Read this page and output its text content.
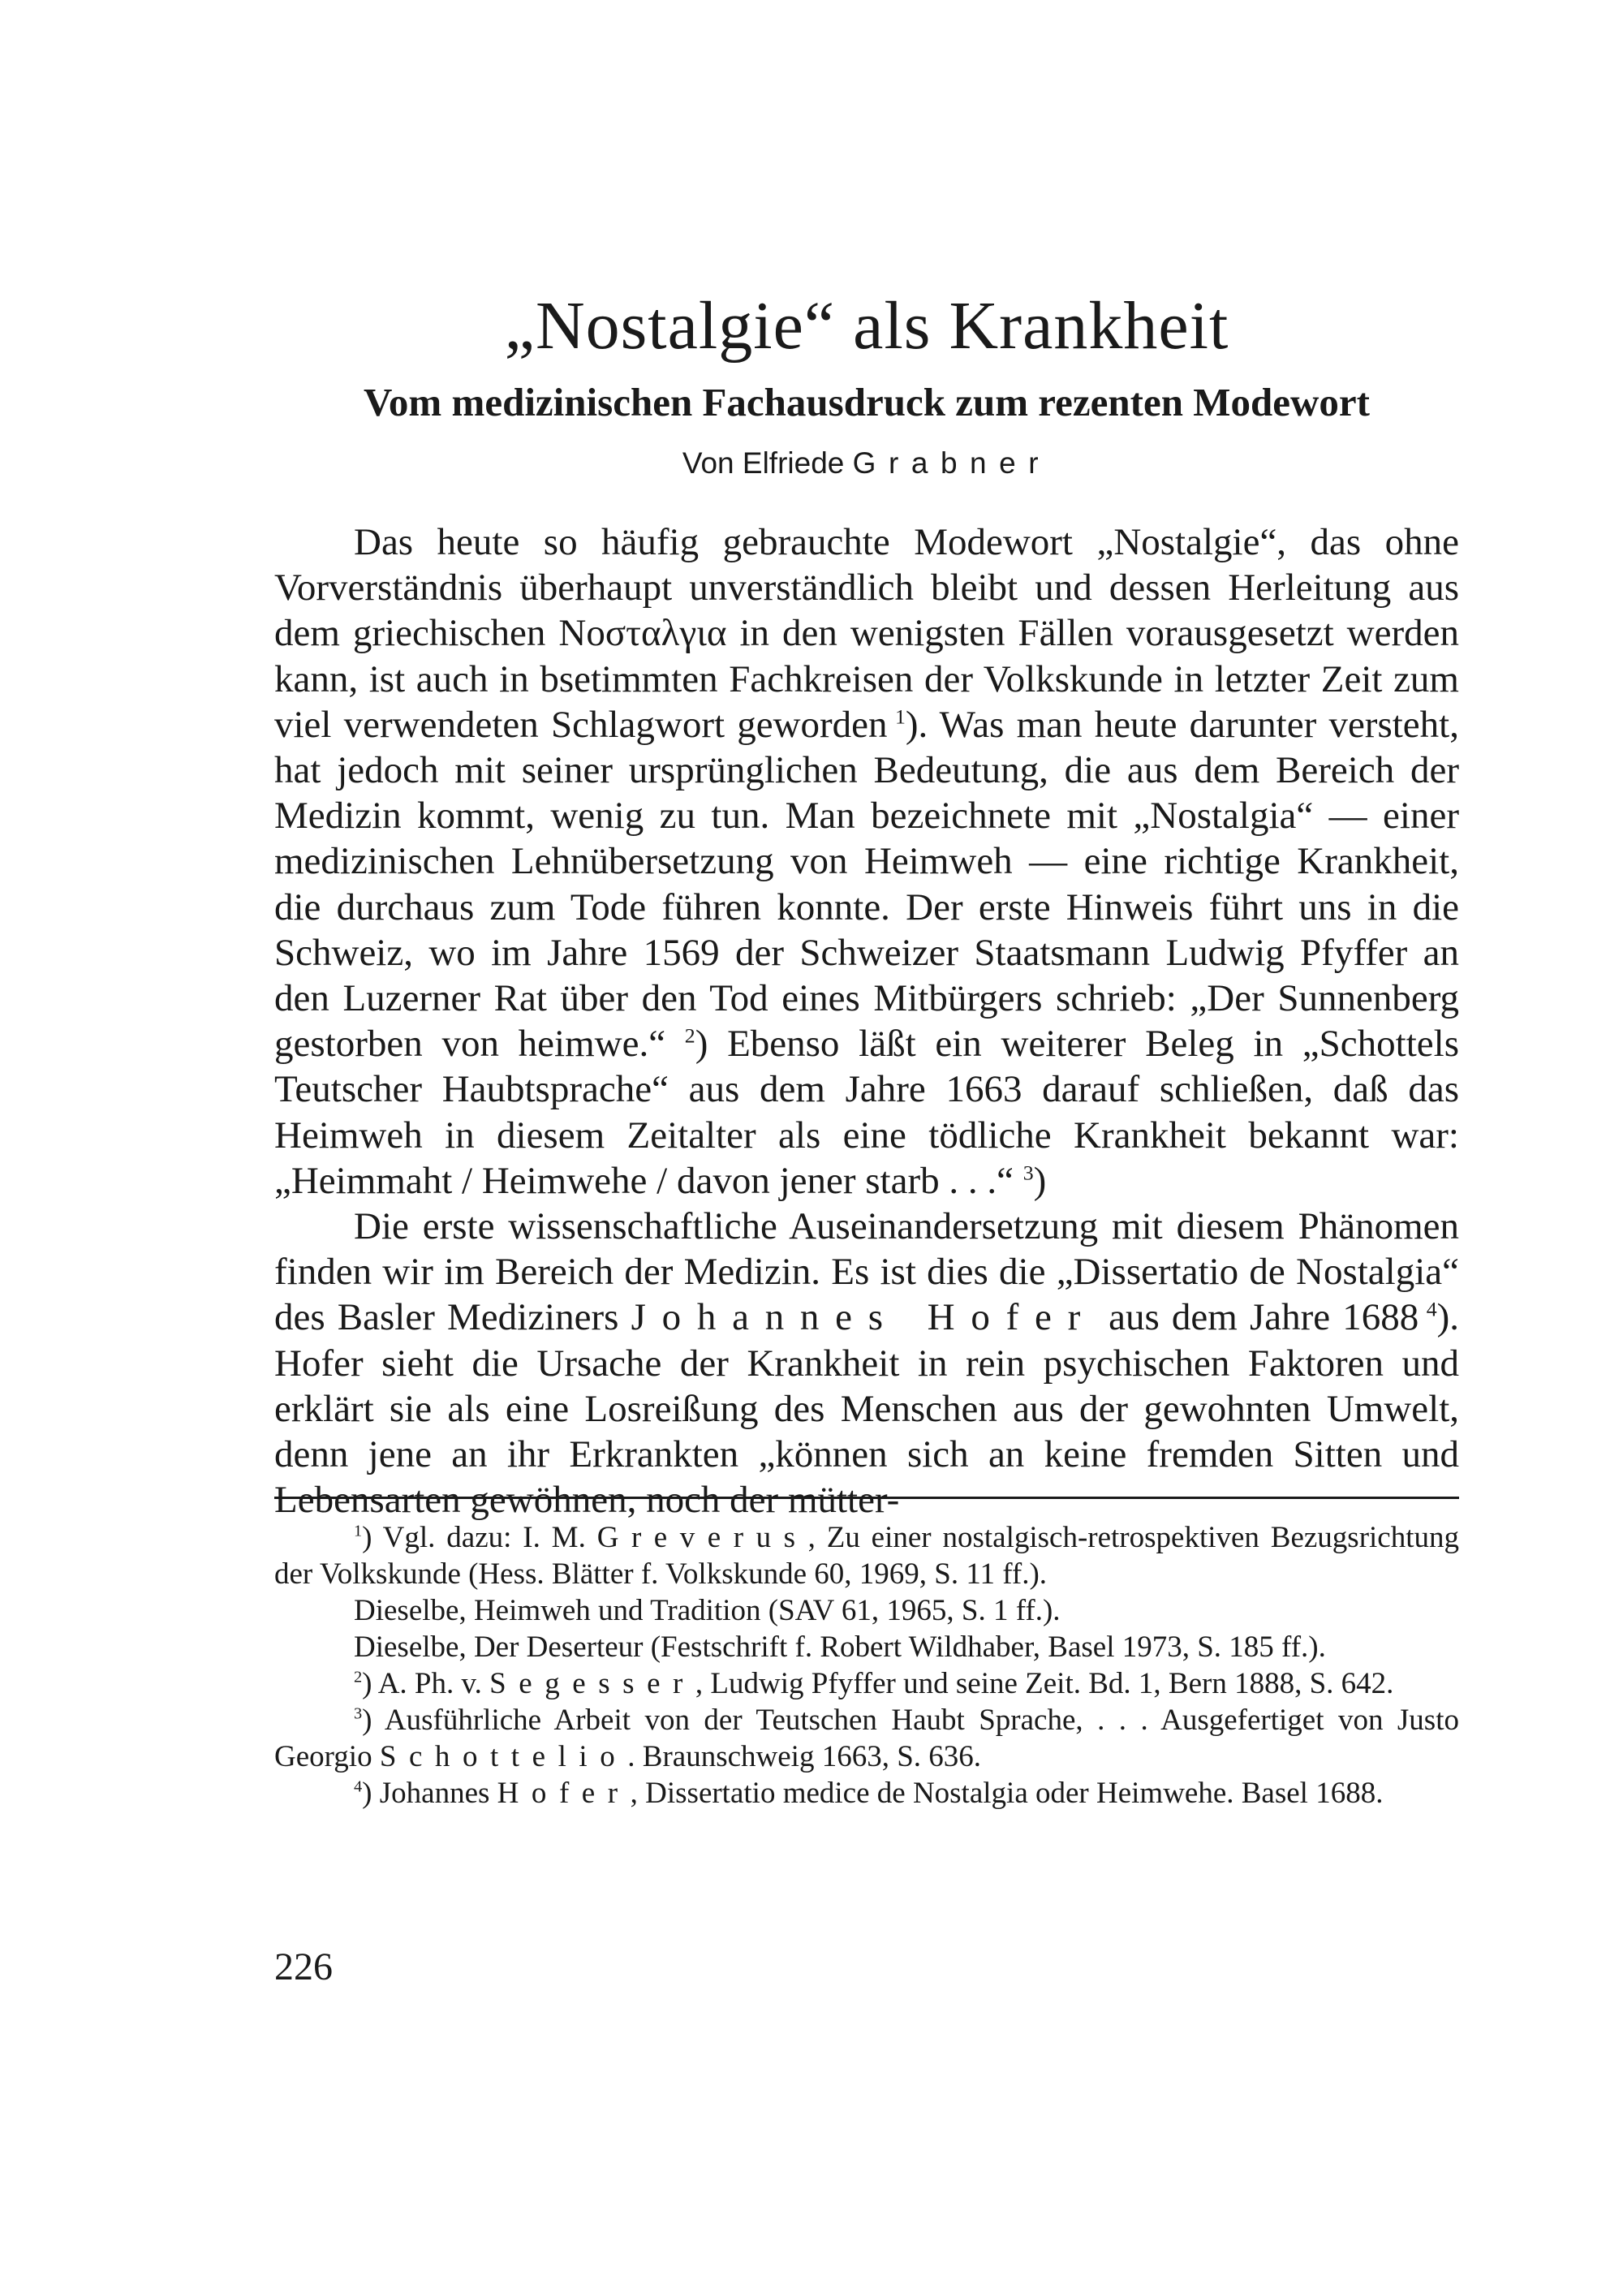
„Nostalgie“ als Krankheit
Vom medizinischen Fachausdruck zum rezenten Modewort
Von Elfriede Grabner

Das heute so häufig gebrauchte Modewort „Nostalgie“, das ohne Vorverständnis überhaupt unverständlich bleibt und dessen Herleitung aus dem griechischen Νοσταλγια in den wenigsten Fällen vorausgesetzt werden kann, ist auch in bsetimmten Fachkreisen der Volkskunde in letzter Zeit zum viel verwendeten Schlagwort geworden  $^1$). Was man heute darunter versteht, hat jedoch mit seiner ursprünglichen Bedeutung, die aus dem Bereich der Medizin kommt, wenig zu tun. Man bezeichnete mit „Nostalgia“ — einer medizinischen Lehnübersetzung von Heimweh — eine richtige Krankheit, die durchaus zum Tode führen konnte. Der erste Hinweis führt uns in die Schweiz, wo im Jahre 1569 der Schweizer Staatsmann Ludwig Pfyffer an den Luzerner Rat über den Tod eines Mitbürgers schrieb: „Der Sunnenberg gestorben von heimwe.“ $^2$) Ebenso läßt ein weiterer Beleg in „Schottels Teutscher Haubtsprache“ aus dem Jahre 1663 darauf schließen, daß das Heimweh in diesem Zeitalter als eine tödliche Krankheit bekannt war: „Heimmaht / Heimwehe / davon jener starb . . .“ $^3$)

Die erste wissenschaftliche Auseinandersetzung mit diesem Phänomen finden wir im Bereich der Medizin. Es ist dies die „Dissertatio de Nostalgia“ des Basler Mediziners Johannes Hofer aus dem Jahre 1688  $^4$). Hofer sieht die Ursache der Krankheit in rein psychischen Faktoren und erklärt sie als eine Losreißung des Menschen aus der gewohnten Umwelt, denn jene an ihr Erkrankten „können sich an keine fremden Sitten und Lebensarten gewöhnen, noch der mütter-

$^1$) Vgl. dazu: I. M. Greverus, Zu einer nostalgisch-retrospektiven Bezugsrichtung der Volkskunde (Hess. Blätter f. Volkskunde 60, 1969, S. 11 ff.).

Dieselbe, Heimweh und Tradition (SAV 61, 1965, S. 1 ff.).

Dieselbe, Der Deserteur (Festschrift f. Robert Wildhaber, Basel 1973, S. 185 ff.).

$^2$) A. Ph. v. Segesser, Ludwig Pfyffer und seine Zeit. Bd. 1, Bern 1888, S. 642.

$^3$) Ausführliche Arbeit von der Teutschen Haubt Sprache, . . . Ausgefertiget von Justo Georgio Schottelio. Braunschweig 1663, S. 636.

$^4$) Johannes Hofer, Dissertatio medice de Nostalgia oder Heimwehe. Basel 1688.

226
